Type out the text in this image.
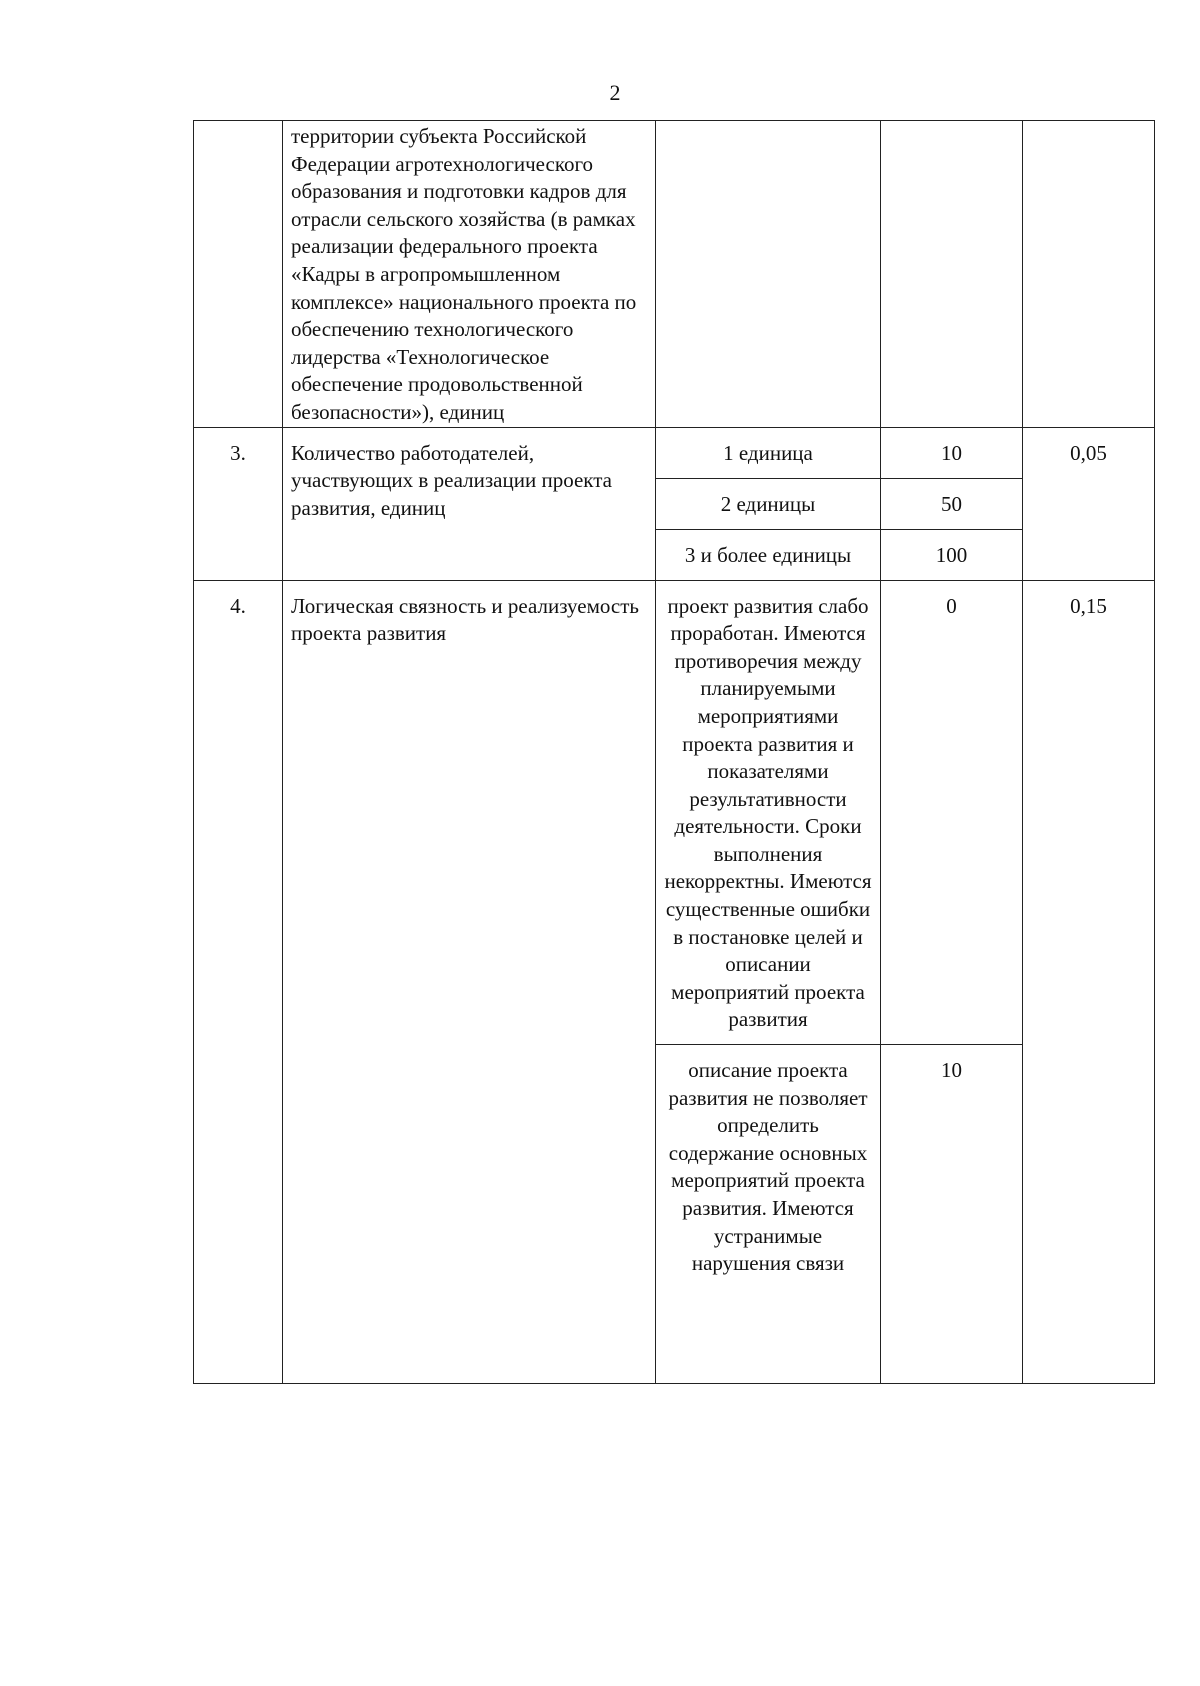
2
	территории субъекта Российской Федерации агротехнологического образования и подготовки кадров для отрасли сельского хозяйства (в рамках реализации федерального проекта «Кадры в агропромышленном комплексе» национального проекта по обеспечению технологического лидерства «Технологическое обеспечение продовольственной безопасности»), единиц			
3.	Количество работодателей, участвующих в реализации проекта развития, единиц	1 единица	10	0,05
		2 единицы	50	
		3 и более единицы	100	
4.	Логическая связность и реализуемость проекта развития	проект развития слабо проработан. Имеются противоречия между планируемыми мероприятиями проекта развития и показателями результативности деятельности. Сроки выполнения некорректны. Имеются существенные ошибки в постановке целей и описании мероприятий проекта развития	0	0,15
		описание проекта развития не позволяет определить содержание основных мероприятий проекта развития. Имеются устранимые нарушения связи	10	
